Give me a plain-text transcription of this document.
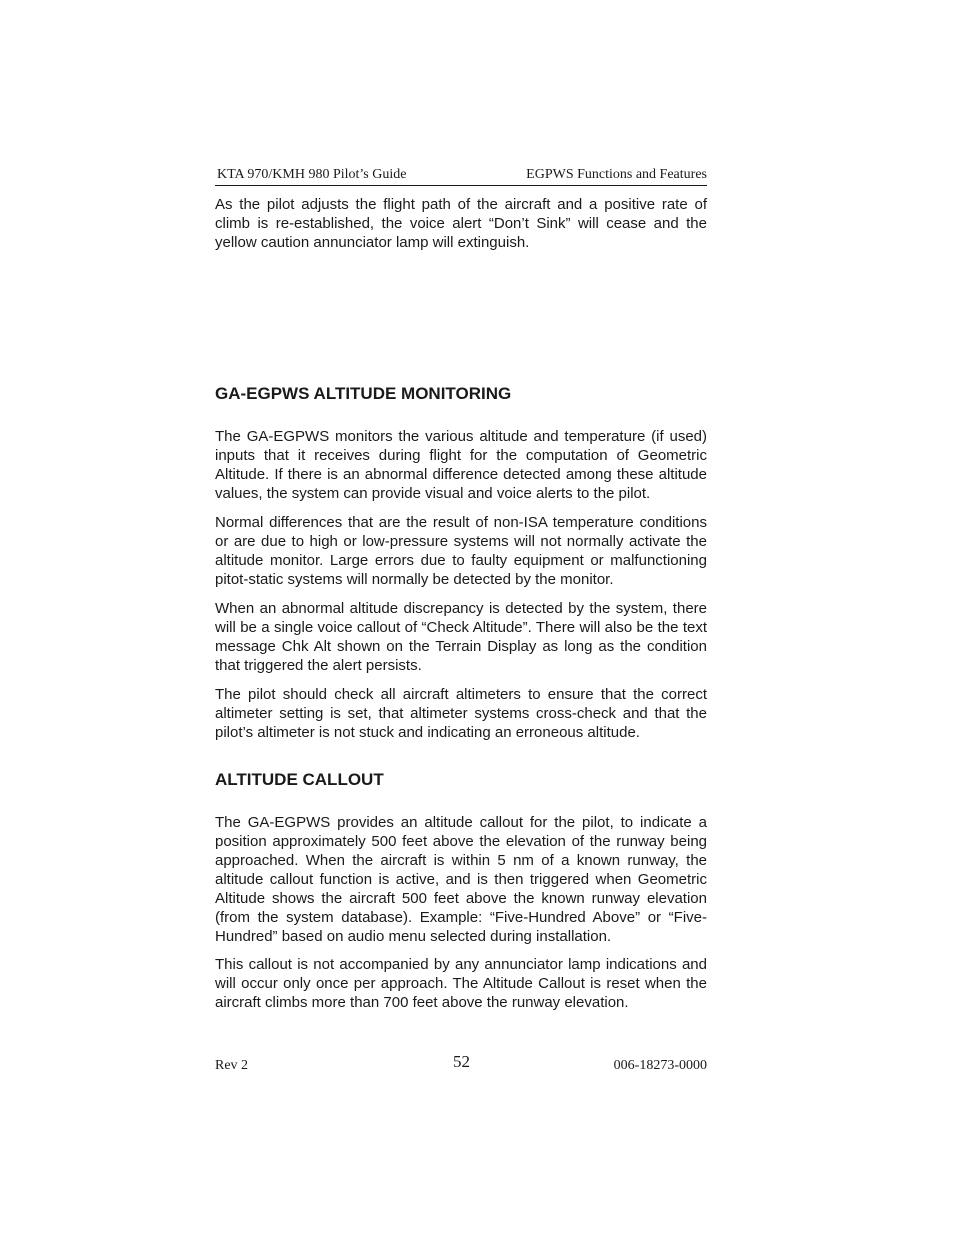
KTA 970/KMH 980 Pilot’s Guide	EGPWS Functions and Features

As the pilot adjusts the flight path of the aircraft and a positive rate of climb is re-established, the voice alert “Don’t Sink” will cease and the yellow caution annunciator lamp will extinguish.

GA-EGPWS ALTITUDE MONITORING

The GA-EGPWS monitors the various altitude and temperature (if used) inputs that it receives during flight for the computation of Geometric Altitude. If there is an abnormal difference detected among these altitude values, the system can provide visual and voice alerts to the pilot.

Normal differences that are the result of non-ISA temperature conditions or are due to high or low-pressure systems will not normally activate the altitude monitor. Large errors due to faulty equipment or malfunctioning pitot-static systems will normally be detected by the monitor.

When an abnormal altitude discrepancy is detected by the system, there will be a single voice callout of “Check Altitude”. There will also be the text message Chk Alt shown on the Terrain Display as long as the condition that triggered the alert persists.

The pilot should check all aircraft altimeters to ensure that the correct altimeter setting is set, that altimeter systems cross-check and that the pilot’s altimeter is not stuck and indicating an erroneous altitude.

ALTITUDE CALLOUT

The GA-EGPWS provides an altitude callout for the pilot, to indicate a position approximately 500 feet above the elevation of the runway being approached. When the aircraft is within 5 nm of a known runway, the altitude callout function is active, and is then triggered when Geometric Altitude shows the aircraft 500 feet above the known runway elevation (from the system database). Example: “Five-Hundred Above” or “Five-Hundred” based on audio menu selected during installation.

This callout is not accompanied by any annunciator lamp indications and will occur only once per approach. The Altitude Callout is reset when the aircraft climbs more than 700 feet above the runway elevation.

Rev 2	52	006-18273-0000
